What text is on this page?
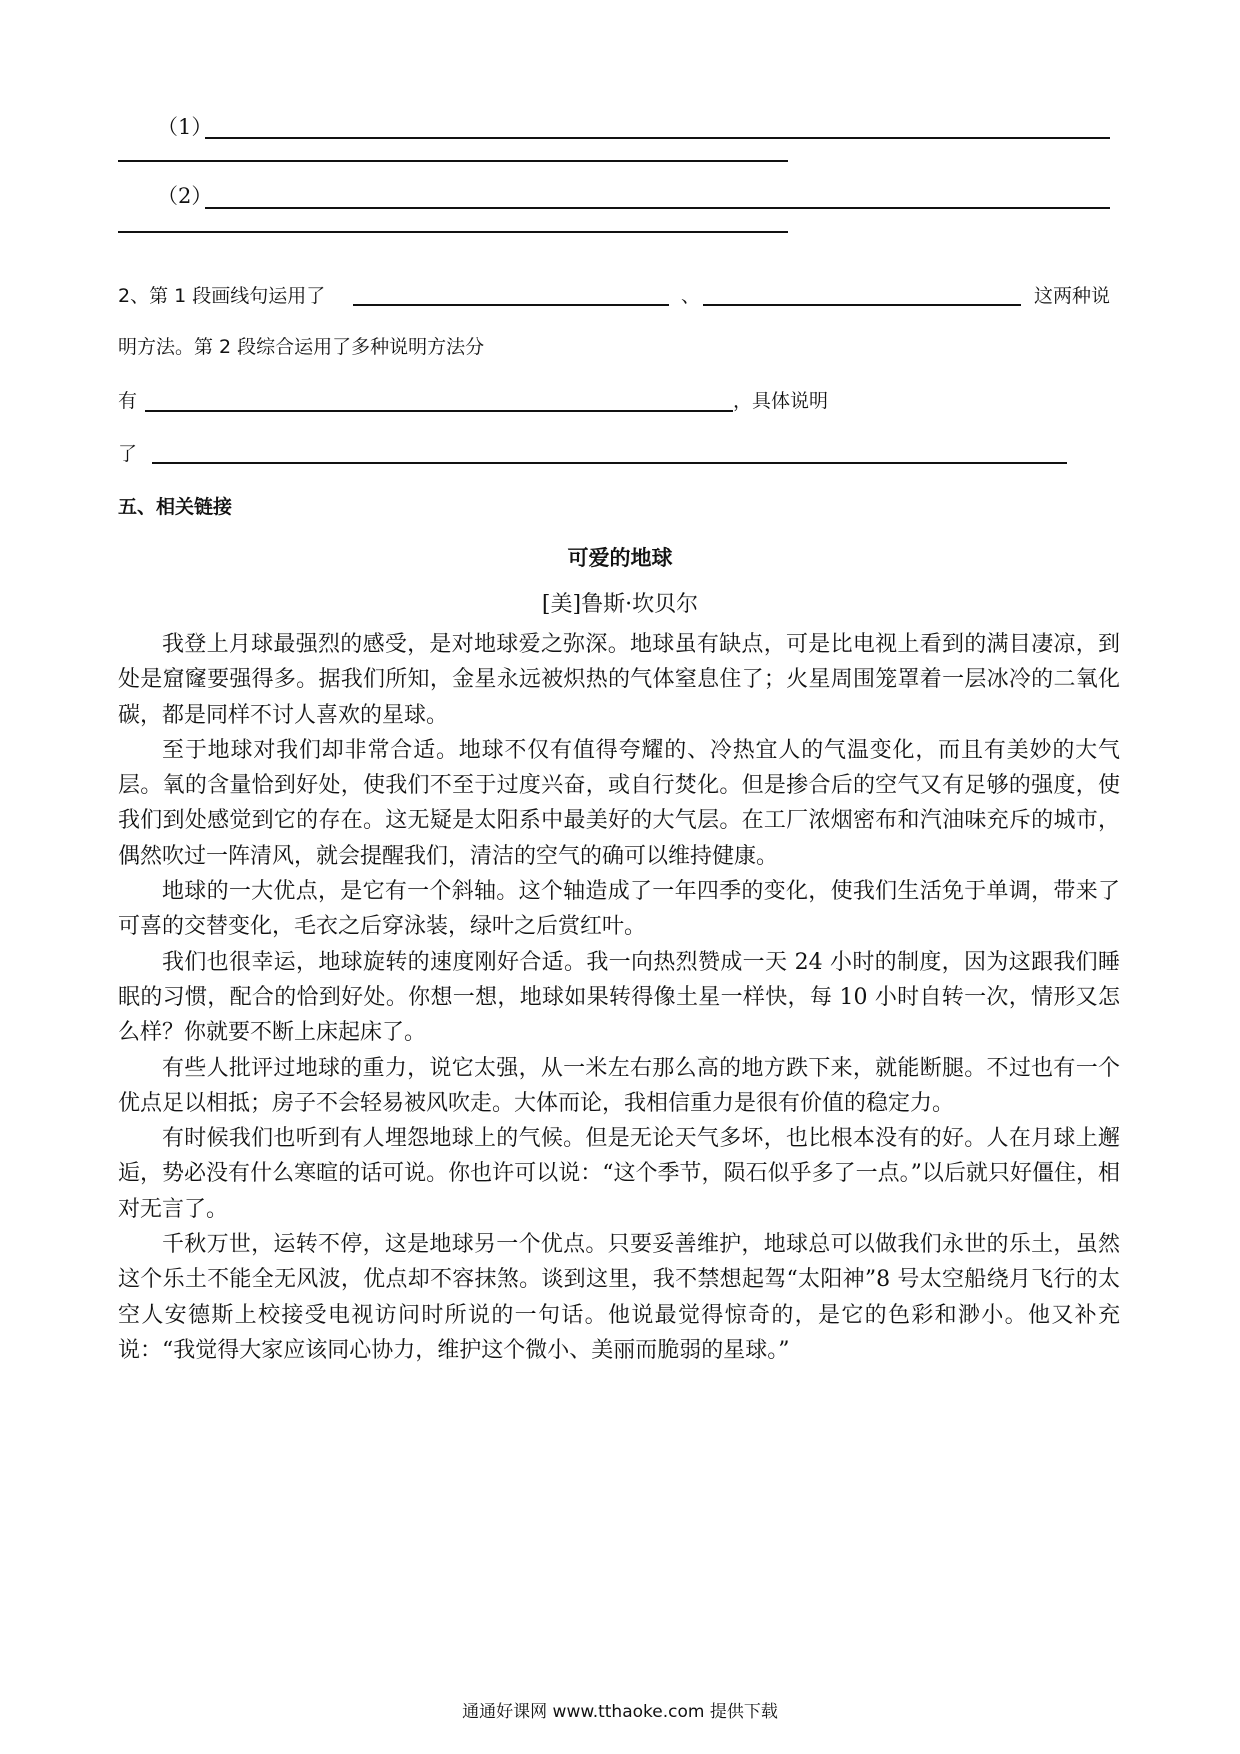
（1）
（2）
2、第 1 段画线句运用了	、	这两种说
明方法。第 2 段综合运用了多种说明方法分
有	，具体说明
了
五、相关链接
可爱的地球
[美]鲁斯·坎贝尔

我登上月球最强烈的感受，是对地球爱之弥深。地球虽有缺点，可是比电视上看到的满目凄凉，到处是窟窿要强得多。据我们所知，金星永远被炽热的气体窒息住了；火星周围笼罩着一层冰冷的二氧化碳，都是同样不讨人喜欢的星球。

至于地球对我们却非常合适。地球不仅有值得夸耀的、冷热宜人的气温变化，而且有美妙的大气层。氧的含量恰到好处，使我们不至于过度兴奋，或自行焚化。但是掺合后的空气又有足够的强度，使我们到处感觉到它的存在。这无疑是太阳系中最美好的大气层。在工厂浓烟密布和汽油味充斥的城市，偶然吹过一阵清风，就会提醒我们，清洁的空气的确可以维持健康。

地球的一大优点，是它有一个斜轴。这个轴造成了一年四季的变化，使我们生活免于单调，带来了可喜的交替变化，毛衣之后穿泳装，绿叶之后赏红叶。

我们也很幸运，地球旋转的速度刚好合适。我一向热烈赞成一天 24 小时的制度，因为这跟我们睡眠的习惯，配合的恰到好处。你想一想，地球如果转得像土星一样快，每 10 小时自转一次，情形又怎么样？你就要不断上床起床了。

有些人批评过地球的重力，说它太强，从一米左右那么高的地方跌下来，就能断腿。不过也有一个优点足以相抵；房子不会轻易被风吹走。大体而论，我相信重力是很有价值的稳定力。

有时候我们也听到有人埋怨地球上的气候。但是无论天气多坏，也比根本没有的好。人在月球上邂逅，势必没有什么寒暄的话可说。你也许可以说：“这个季节，陨石似乎多了一点。”以后就只好僵住，相对无言了。

千秋万世，运转不停，这是地球另一个优点。只要妥善维护，地球总可以做我们永世的乐土，虽然这个乐土不能全无风波，优点却不容抹煞。谈到这里，我不禁想起驾“太阳神”8 号太空船绕月飞行的太空人安德斯上校接受电视访问时所说的一句话。他说最觉得惊奇的，是它的色彩和渺小。他又补充说：“我觉得大家应该同心协力，维护这个微小、美丽而脆弱的星球。”

通通好课网 www.tthaoke.com 提供下载
